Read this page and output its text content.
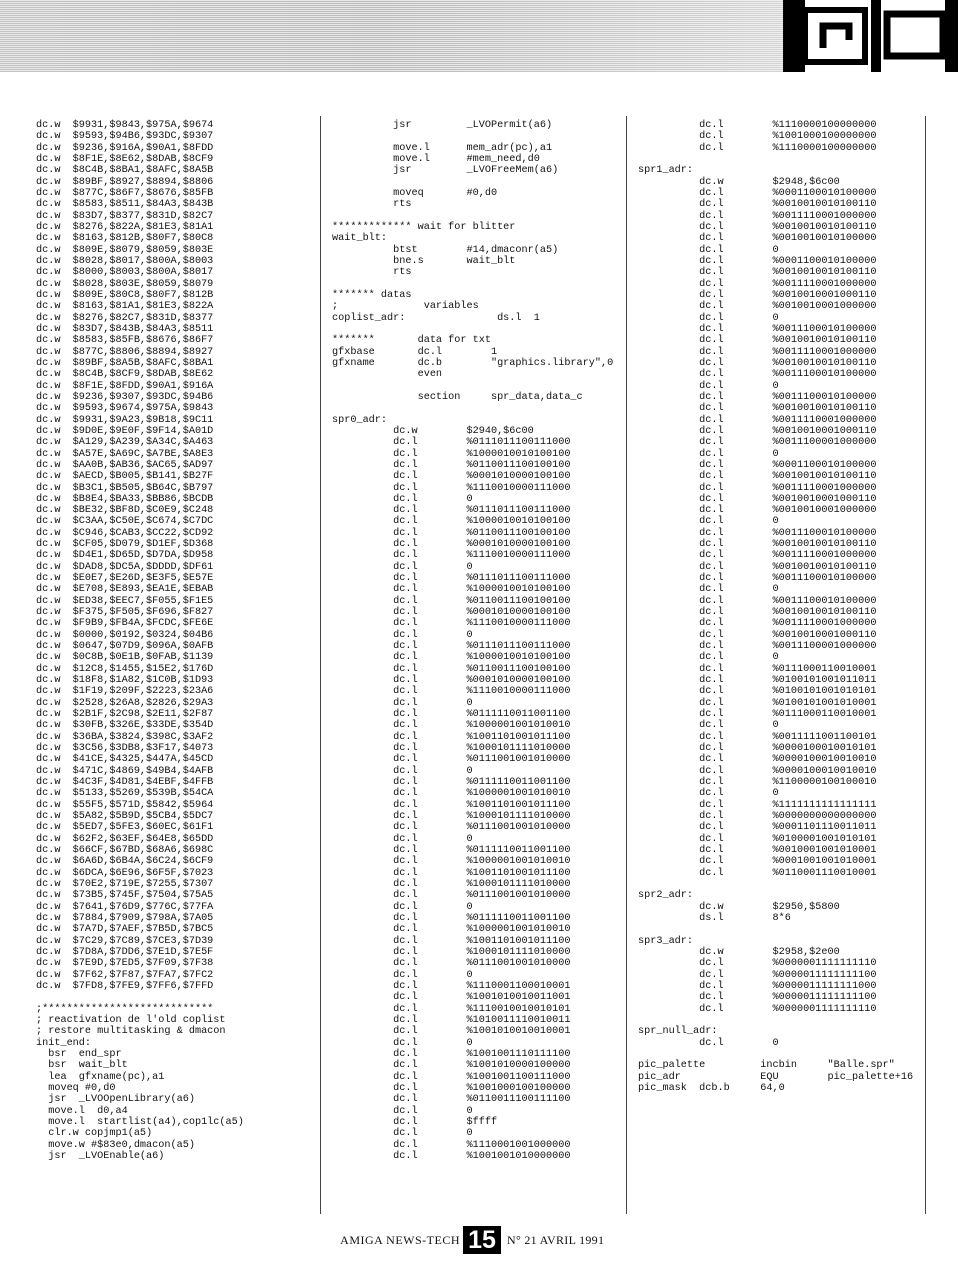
dc.w  $9931,$9843,$975A,$9674
dc.w  $9593,$94B6,$93DC,$9307
dc.w  $9236,$916A,$90A1,$8FDD
dc.w  $8F1E,$8E62,$8DAB,$8CF9
dc.w  $8C4B,$8BA1,$8AFC,$8A5B
dc.w  $89BF,$8927,$8894,$8806
dc.w  $877C,$86F7,$8676,$85FB
dc.w  $8583,$8511,$84A3,$843B
dc.w  $83D7,$8377,$831D,$82C7
dc.w  $8276,$822A,$81E3,$81A1
dc.w  $8163,$812B,$80F7,$80C8
dc.w  $809E,$8079,$8059,$803E
dc.w  $8028,$8017,$800A,$8003
dc.w  $8000,$8003,$800A,$8017
dc.w  $8028,$803E,$8059,$8079
dc.w  $809E,$80C8,$80F7,$812B
dc.w  $8163,$81A1,$81E3,$822A
dc.w  $8276,$82C7,$831D,$8377
dc.w  $83D7,$843B,$84A3,$8511
dc.w  $8583,$85FB,$8676,$86F7
dc.w  $877C,$8806,$8894,$8927
dc.w  $89BF,$8A5B,$8AFC,$8BA1
dc.w  $8C4B,$8CF9,$8DAB,$8E62
dc.w  $8F1E,$8FDD,$90A1,$916A
dc.w  $9236,$9307,$93DC,$94B6
dc.w  $9593,$9674,$975A,$9843
dc.w  $9931,$9A23,$9B18,$9C11
dc.w  $9D0E,$9E0F,$9F14,$A01D
dc.w  $A129,$A239,$A34C,$A463
dc.w  $A57E,$A69C,$A7BE,$A8E3
dc.w  $AA0B,$AB36,$AC65,$AD97
dc.w  $AECD,$B005,$B141,$B27F
dc.w  $B3C1,$B505,$B64C,$B797
dc.w  $B8E4,$BA33,$BB86,$BCDB
dc.w  $BE32,$BF8D,$C0E9,$C248
dc.w  $C3AA,$C50E,$C674,$C7DC
dc.w  $C946,$CAB3,$CC22,$CD92
dc.w  $CF05,$D079,$D1EF,$D368
dc.w  $D4E1,$D65D,$D7DA,$D958
dc.w  $DAD8,$DC5A,$DDDD,$DF61
dc.w  $E0E7,$E26D,$E3F5,$E57E
dc.w  $E708,$E893,$EA1E,$EBAB
dc.w  $ED38,$EEC7,$F055,$F1E5
dc.w  $F375,$F505,$F696,$F827
dc.w  $F9B9,$FB4A,$FCDC,$FE6E
dc.w  $0000,$0192,$0324,$04B6
dc.w  $0647,$07D9,$096A,$0AFB
dc.w  $0C8B,$0E1B,$0FAB,$1139
dc.w  $12C8,$1455,$15E2,$176D
dc.w  $18F8,$1A82,$1C0B,$1D93
dc.w  $1F19,$209F,$2223,$23A6
dc.w  $2528,$26A8,$2826,$29A3
dc.w  $2B1F,$2C98,$2E11,$2F87
dc.w  $30FB,$326E,$33DE,$354D
dc.w  $36BA,$3824,$398C,$3AF2
dc.w  $3C56,$3DB8,$3F17,$4073
dc.w  $41CE,$4325,$447A,$45CD
dc.w  $471C,$4869,$49B4,$4AFB
dc.w  $4C3F,$4D81,$4EBF,$4FFB
dc.w  $5133,$5269,$539B,$54CA
dc.w  $55F5,$571D,$5842,$5964
dc.w  $5A82,$5B9D,$5CB4,$5DC7
dc.w  $5ED7,$5FE3,$60EC,$61F1
dc.w  $62F2,$63EF,$64E8,$65DD
dc.w  $66CF,$67BD,$68A6,$698C
dc.w  $6A6D,$6B4A,$6C24,$6CF9
dc.w  $6DCA,$6E96,$6F5F,$7023
dc.w  $70E2,$719E,$7255,$7307
dc.w  $73B5,$745F,$7504,$75A5
dc.w  $7641,$76D9,$776C,$77FA
dc.w  $7884,$7909,$798A,$7A05
dc.w  $7A7D,$7AEF,$7B5D,$7BC5
dc.w  $7C29,$7C89,$7CE3,$7D39
dc.w  $7D8A,$7DD6,$7E1D,$7E5F
dc.w  $7E9D,$7ED5,$7F09,$7F38
dc.w  $7F62,$7F87,$7FA7,$7FC2
dc.w  $7FD8,$7FE9,$7FF6,$7FFD
;****************************
; reactivation de l'old coplist
; restore multitasking & dmacon
init_end:
bsr  end_spr
bsr  wait_blt
lea  gfxname(pc),a1
moveq #0,d0
jsr  _LVOOpenLibrary(a6)
move.l  d0,a4
move.l  startlist(a4),cop1lc(a5)
clr.w copjmp1(a5)
move.w #$83e0,dmacon(a5)
jsr  _LVOEnable(a6)
jsr         _LVOPermit(a6)
move.l      mem_adr(pc),a1
move.l      #mem_need,d0
jsr         _LVOFreeMem(a6)
moveq       #0,d0
rts
************* wait for blitter
wait_blt:
btst        #14,dmaconr(a5)
bne.s       wait_blt
rts
******* datas
;              variables
coplist_adr:               ds.l  1
*******       data for txt
gfxbase       dc.l        1
gfxname       dc.b        "graphics.library",0
even
section     spr_data,data_c
spr0_adr:
dc.w        $2940,$6c00
dc.l        %0111011100111000
dc.l        %1000010010100100
dc.l        %0110011100100100
dc.l        %0001010000100100
dc.l        %1110010000111000
dc.l        0
dc.l        %0111011100111000
dc.l        %1000010010100100
dc.l        %0110011100100100
dc.l        %0001010000100100
dc.l        %1110010000111000
dc.l        0
dc.l        %0111011100111000
dc.l        %1000010010100100
dc.l        %0110011100100100
dc.l        %0001010000100100
dc.l        %1110010000111000
dc.l        0
dc.l        %0111011100111000
dc.l        %1000010010100100
dc.l        %0110011100100100
dc.l        %0001010000100100
dc.l        %1110010000111000
dc.l        0
dc.l        %0111110011001100
dc.l        %1000001001010010
dc.l        %1001101001011100
dc.l        %1000101111010000
dc.l        %0111001001010000
dc.l        0
dc.l        %0111110011001100
dc.l        %1000001001010010
dc.l        %1001101001011100
dc.l        %1000101111010000
dc.l        %0111001001010000
dc.l        0
dc.l        %0111110011001100
dc.l        %1000001001010010
dc.l        %1001101001011100
dc.l        %1000101111010000
dc.l        %0111001001010000
dc.l        0
dc.l        %0111110011001100
dc.l        %1000001001010010
dc.l        %1001101001011100
dc.l        %1000101111010000
dc.l        %0111001001010000
dc.l        0
dc.l        %1110001100010001
dc.l        %1001010010011001
dc.l        %1110010010010101
dc.l        %1010011110010011
dc.l        %1001010010010001
dc.l        0
dc.l        %1001001110111100
dc.l        %1001010000100000
dc.l        %1001001100111000
dc.l        %1001000100100000
dc.l        %0110011100111100
dc.l        0
dc.l        $ffff
dc.l        0
dc.l        %1110001001000000
dc.l        %1001001010000000
dc.l        %1110000100000000
dc.l        %1001000100000000
dc.l        %1110000100000000
spr1_adr:
dc.w        $2948,$6c00
dc.l        %0001100010100000
dc.l        %0010010010100110
dc.l        %0011110001000000
dc.l        %0010010010100110
dc.l        %0010010010100000
dc.l        0
dc.l        %0001100010100000
dc.l        %0010010010100110
dc.l        %0011110001000000
dc.l        %0010010001000110
dc.l        %0010010001000000
dc.l        0
dc.l        %0011100010100000
dc.l        %0010010010100110
dc.l        %0011110001000000
dc.l        %0010010010100110
dc.l        %0011100010100000
dc.l        0
dc.l        %0011100010100000
dc.l        %0010010010100110
dc.l        %0011110001000000
dc.l        %0010010001000110
dc.l        %0011100001000000
dc.l        0
dc.l        %0001100010100000
dc.l        %0010010010100110
dc.l        %0011110001000000
dc.l        %0010010001000110
dc.l        %0010010001000000
dc.l        0
dc.l        %0011100010100000
dc.l        %0010010010100110
dc.l        %0011110001000000
dc.l        %0010010010100110
dc.l        %0011100010100000
dc.l        0
dc.l        %0011100010100000
dc.l        %0010010010100110
dc.l        %0011110001000000
dc.l        %0010010001000110
dc.l        %0011100001000000
dc.l        0
dc.l        %0111000110010001
dc.l        %0100101001011011
dc.l        %0100101001010101
dc.l        %0100101001010001
dc.l        %0111000110010001
dc.l        0
dc.l        %0011111001100101
dc.l        %0000100010010101
dc.l        %0000100010010010
dc.l        %0000100010010010
dc.l        %1100000100100010
dc.l        0
dc.l        %1111111111111111
dc.l        %0000000000000000
dc.l        %0001101110011011
dc.l        %0100001001010101
dc.l        %0010001001010001
dc.l        %0001001001010001
dc.l        %0110001110010001
spr2_adr:
dc.w        $2950,$5800
ds.l        8*6
spr3_adr:
dc.w        $2958,$2e00
dc.l        %0000001111111110
dc.l        %0000011111111100
dc.l        %0000011111111000
dc.l        %0000011111111100
dc.l        %0000001111111110
spr_null_adr:
dc.l        0
pic_palette         incbin     "Balle.spr"
pic_adr             EQU        pic_palette+16
pic_mask  dcb.b     64,0
AMIGA NEWS-TECH 15 N° 21 AVRIL 1991
